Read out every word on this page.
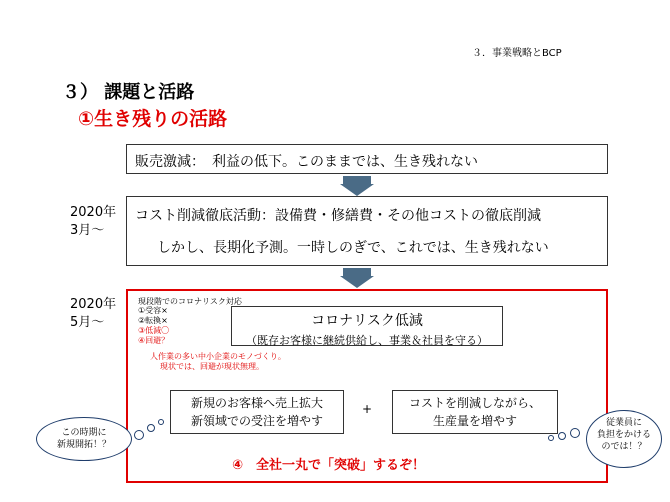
３．事業戦略とBCP
３） 課題と活路
①生き残りの活路
販売激減：　利益の低下。このままでは、生き残れない
2020年
3月～
コスト削減徹底活動：設備費・修繕費・その他コストの徹底削減
しかし、長期化予測。一時しのぎで、これでは、生き残れない
2020年
5月～
現段階でのコロナリスク対応
①受容×
②転換×
③低減〇
④回避？
人作業の多い中小企業のモノづくり。
現状では、回避が現状無理。
コロナリスク低減
（既存お客様に継続供給し、事業＆社員を守る）
新規のお客様へ売上拡大
新領域での受注を増やす
+	コストを削減しながら、
生産量を増やす
④　全社一丸で「突破」するぞ！
この時期に
新規開拓！？
従業員に
負担をかける
のでは！？
